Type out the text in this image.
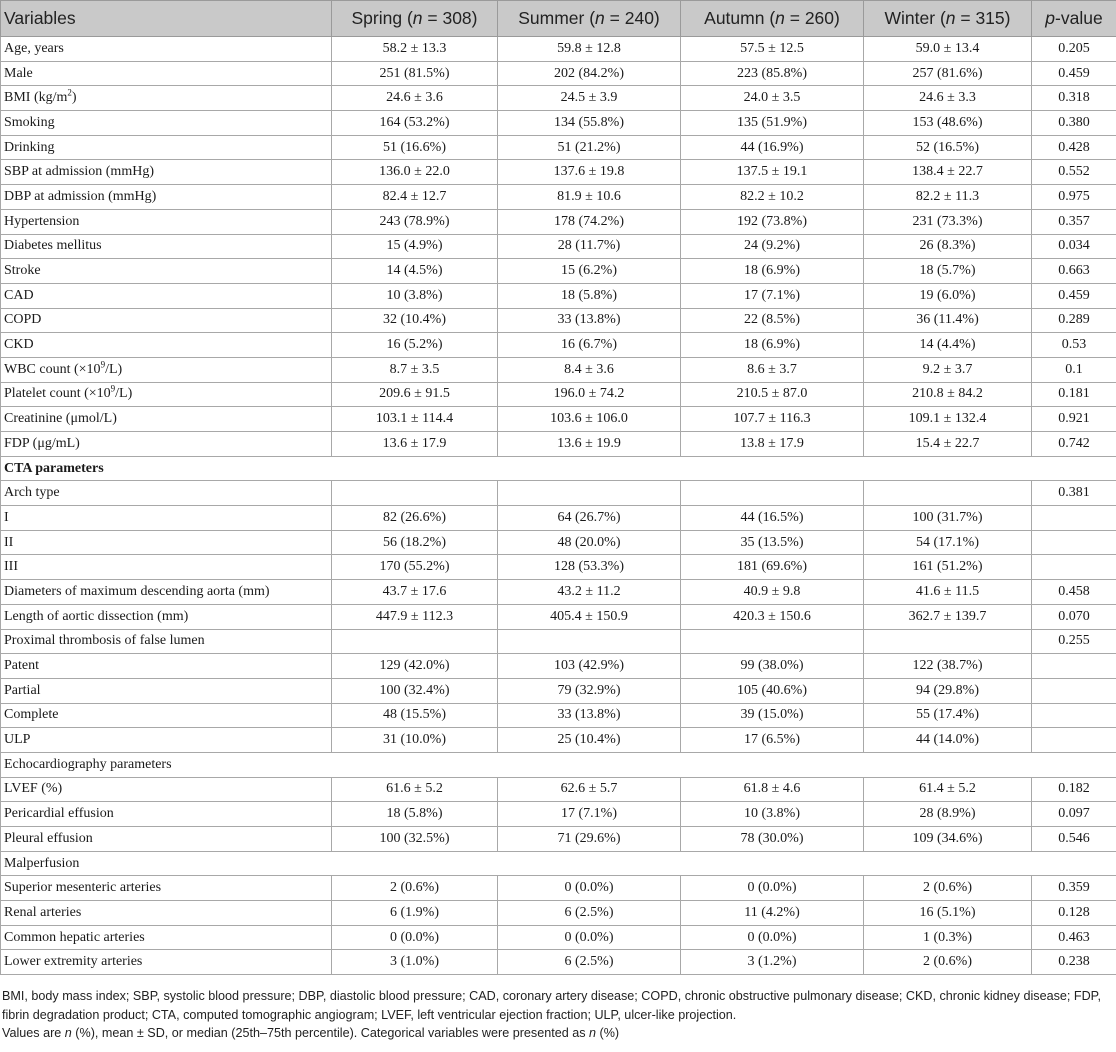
Variables	Spring (n = 308)	Summer (n = 240)	Autumn (n = 260)	Winter (n = 315)	p-value
Age, years	58.2 ± 13.3	59.8 ± 12.8	57.5 ± 12.5	59.0 ± 13.4	0.205
Male	251 (81.5%)	202 (84.2%)	223 (85.8%)	257 (81.6%)	0.459
BMI $(kg/m^2)$	24.6 ± 3.6	24.5 ± 3.9	24.0 ± 3.5	24.6 ± 3.3	0.318
Smoking	164 (53.2%)	134 (55.8%)	135 (51.9%)	153 (48.6%)	0.380
Drinking	51 (16.6%)	51 (21.2%)	44 (16.9%)	52 (16.5%)	0.428
SBP at admission (mmHg)	136.0 ± 22.0	137.6 ± 19.8	137.5 ± 19.1	138.4 ± 22.7	0.552
DBP at admission (mmHg)	82.4 ± 12.7	81.9 ± 10.6	82.2 ± 10.2	82.2 ± 11.3	0.975
Hypertension	243 (78.9%)	178 (74.2%)	192 (73.8%)	231 (73.3%)	0.357
Diabetes mellitus	15 (4.9%)	28 (11.7%)	24 (9.2%)	26 (8.3%)	0.034
Stroke	14 (4.5%)	15 (6.2%)	18 (6.9%)	18 (5.7%)	0.663
CAD	10 (3.8%)	18 (5.8%)	17 (7.1%)	19 (6.0%)	0.459
COPD	32 (10.4%)	33 (13.8%)	22 (8.5%)	36 (11.4%)	0.289
CKD	16 (5.2%)	16 (6.7%)	18 (6.9%)	14 (4.4%)	0.53
WBC count $(\times 10^9/L)$	8.7 ± 3.5	8.4 ± 3.6	8.6 ± 3.7	9.2 ± 3.7	0.1
Platelet count $(\times 10^9/L)$	209.6 ± 91.5	196.0 ± 74.2	210.5 ± 87.0	210.8 ± 84.2	0.181
Creatinine (μmol/L)	103.1 ± 114.4	103.6 ± 106.0	107.7 ± 116.3	109.1 ± 132.4	0.921
FDP (μg/mL)	13.6 ± 17.9	13.6 ± 19.9	13.8 ± 17.9	15.4 ± 22.7	0.742
CTA parameters					
Arch type					0.381
I	82 (26.6%)	64 (26.7%)	44 (16.5%)	100 (31.7%)	
II	56 (18.2%)	48 (20.0%)	35 (13.5%)	54 (17.1%)	
III	170 (55.2%)	128 (53.3%)	181 (69.6%)	161 (51.2%)	
Diameters of maximum descending aorta (mm)	43.7 ± 17.6	43.2 ± 11.2	40.9 ± 9.8	41.6 ± 11.5	0.458
Length of aortic dissection (mm)	447.9 ± 112.3	405.4 ± 150.9	420.3 ± 150.6	362.7 ± 139.7	0.070
Proximal thrombosis of false lumen					0.255
Patent	129 (42.0%)	103 (42.9%)	99 (38.0%)	122 (38.7%)	
Partial	100 (32.4%)	79 (32.9%)	105 (40.6%)	94 (29.8%)	
Complete	48 (15.5%)	33 (13.8%)	39 (15.0%)	55 (17.4%)	
ULP	31 (10.0%)	25 (10.4%)	17 (6.5%)	44 (14.0%)	
Echocardiography parameters					
LVEF (%)	61.6 ± 5.2	62.6 ± 5.7	61.8 ± 4.6	61.4 ± 5.2	0.182
Pericardial effusion	18 (5.8%)	17 (7.1%)	10 (3.8%)	28 (8.9%)	0.097
Pleural effusion	100 (32.5%)	71 (29.6%)	78 (30.0%)	109 (34.6%)	0.546
Malperfusion					
Superior mesenteric arteries	2 (0.6%)	0 (0.0%)	0 (0.0%)	2 (0.6%)	0.359
Renal arteries	6 (1.9%)	6 (2.5%)	11 (4.2%)	16 (5.1%)	0.128
Common hepatic arteries	0 (0.0%)	0 (0.0%)	0 (0.0%)	1 (0.3%)	0.463
Lower extremity arteries	3 (1.0%)	6 (2.5%)	3 (1.2%)	2 (0.6%)	0.238
BMI, body mass index; SBP, systolic blood pressure; DBP, diastolic blood pressure; CAD, coronary artery disease; COPD, chronic obstructive pulmonary disease; CKD, chronic kidney disease; FDP, fibrin degradation product; CTA, computed tomographic angiogram; LVEF, left ventricular ejection fraction; ULP, ulcer-like projection.
Values are n (%), mean ± SD, or median (25th–75th percentile). Categorical variables were presented as n (%)
